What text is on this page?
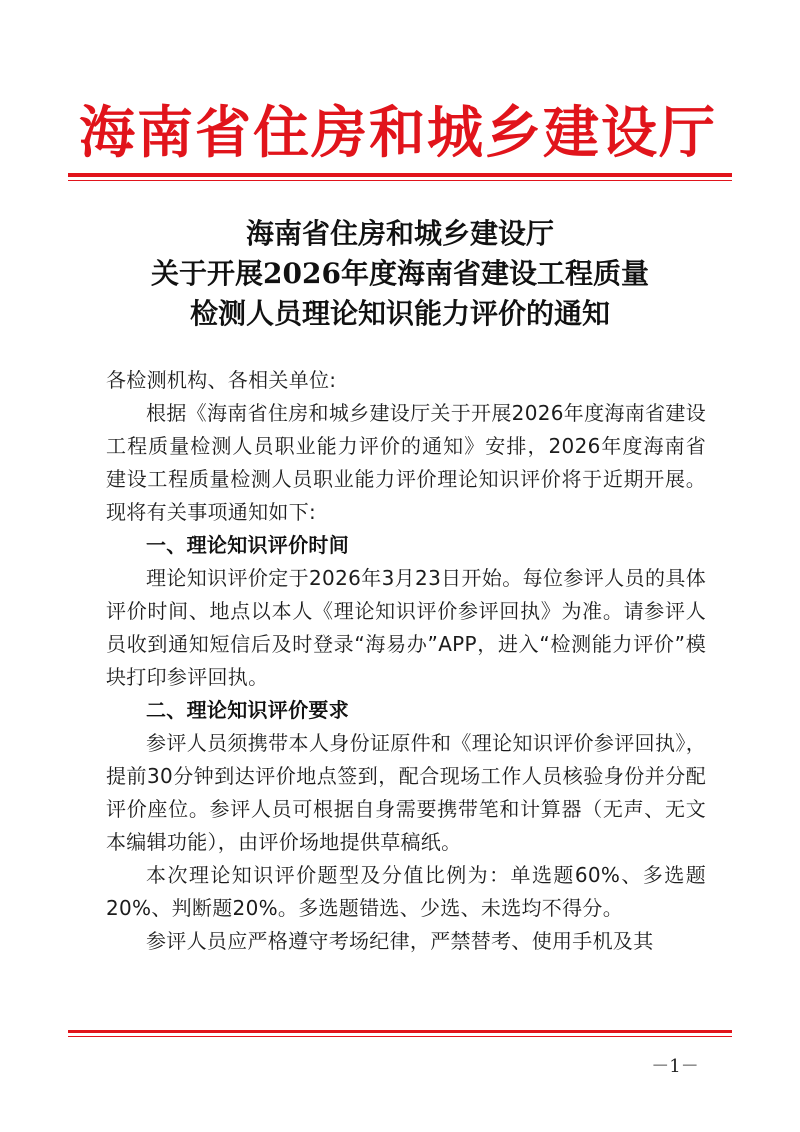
海南省住房和城乡建设厅
海南省住房和城乡建设厅
关于开展2026年度海南省建设工程质量
检测人员理论知识能力评价的通知

各检测机构、各相关单位:

根据《海南省住房和城乡建设厅关于开展2026年度海南省建设工程质量检测人员职业能力评价的通知》安排，2026年度海南省建设工程质量检测人员职业能力评价理论知识评价将于近期开展。现将有关事项通知如下:

一、理论知识评价时间

理论知识评价定于2026年3月23日开始。每位参评人员的具体评价时间、地点以本人《理论知识评价参评回执》为准。请参评人员收到通知短信后及时登录“海易办”APP，进入“检测能力评价”模块打印参评回执。

二、理论知识评价要求

参评人员须携带本人身份证原件和《理论知识评价参评回执》，提前30分钟到达评价地点签到，配合现场工作人员核验身份并分配评价座位。参评人员可根据自身需要携带笔和计算器（无声、无文本编辑功能），由评价场地提供草稿纸。

本次理论知识评价题型及分值比例为：单选题60%、多选题20%、判断题20%。多选题错选、少选、未选均不得分。

参评人员应严格遵守考场纪律，严禁替考、使用手机及其

－1－
